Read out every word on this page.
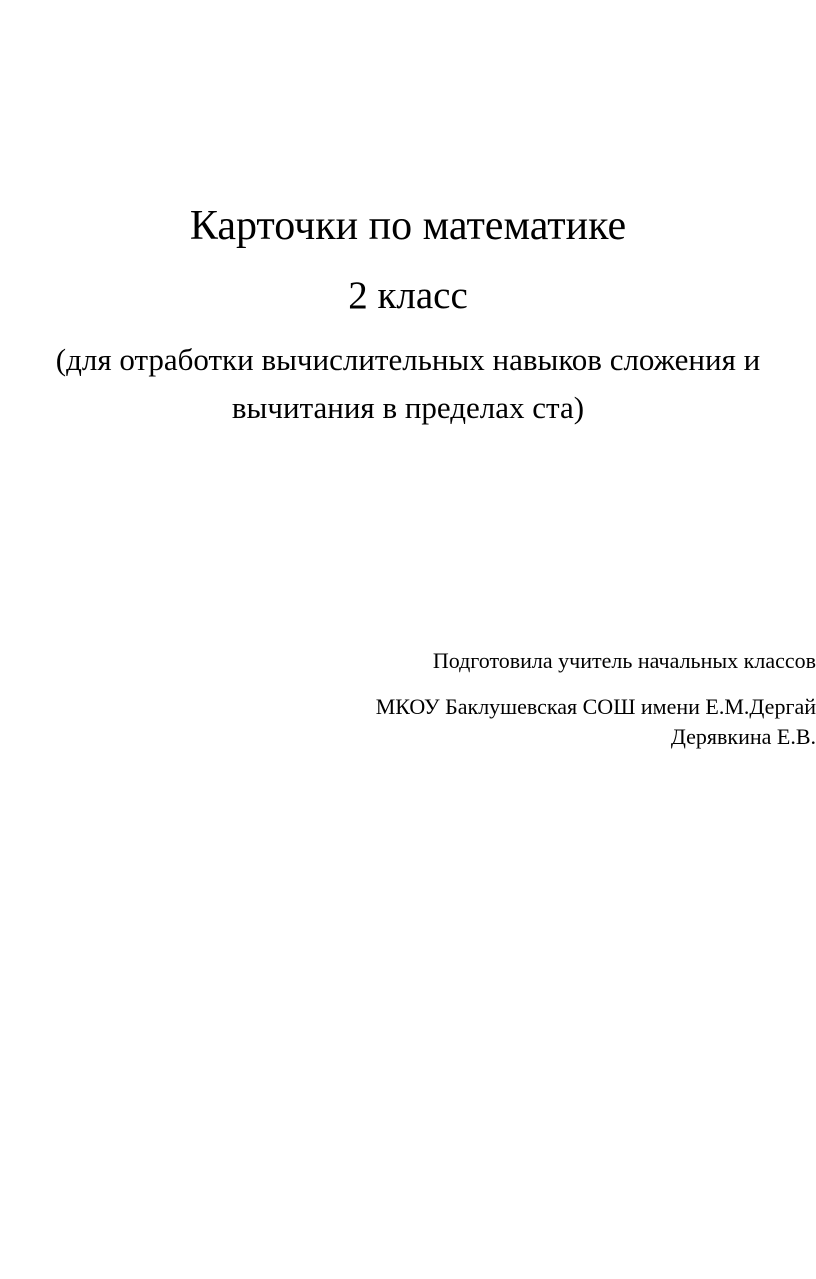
Карточки по математике

2 класс

(для отработки вычислительных навыков сложения и
вычитания в пределах ста)

Подготовила учитель начальных классов

МКОУ Баклушевская СОШ имени Е.М.Дергай

Дерявкина Е.В.
